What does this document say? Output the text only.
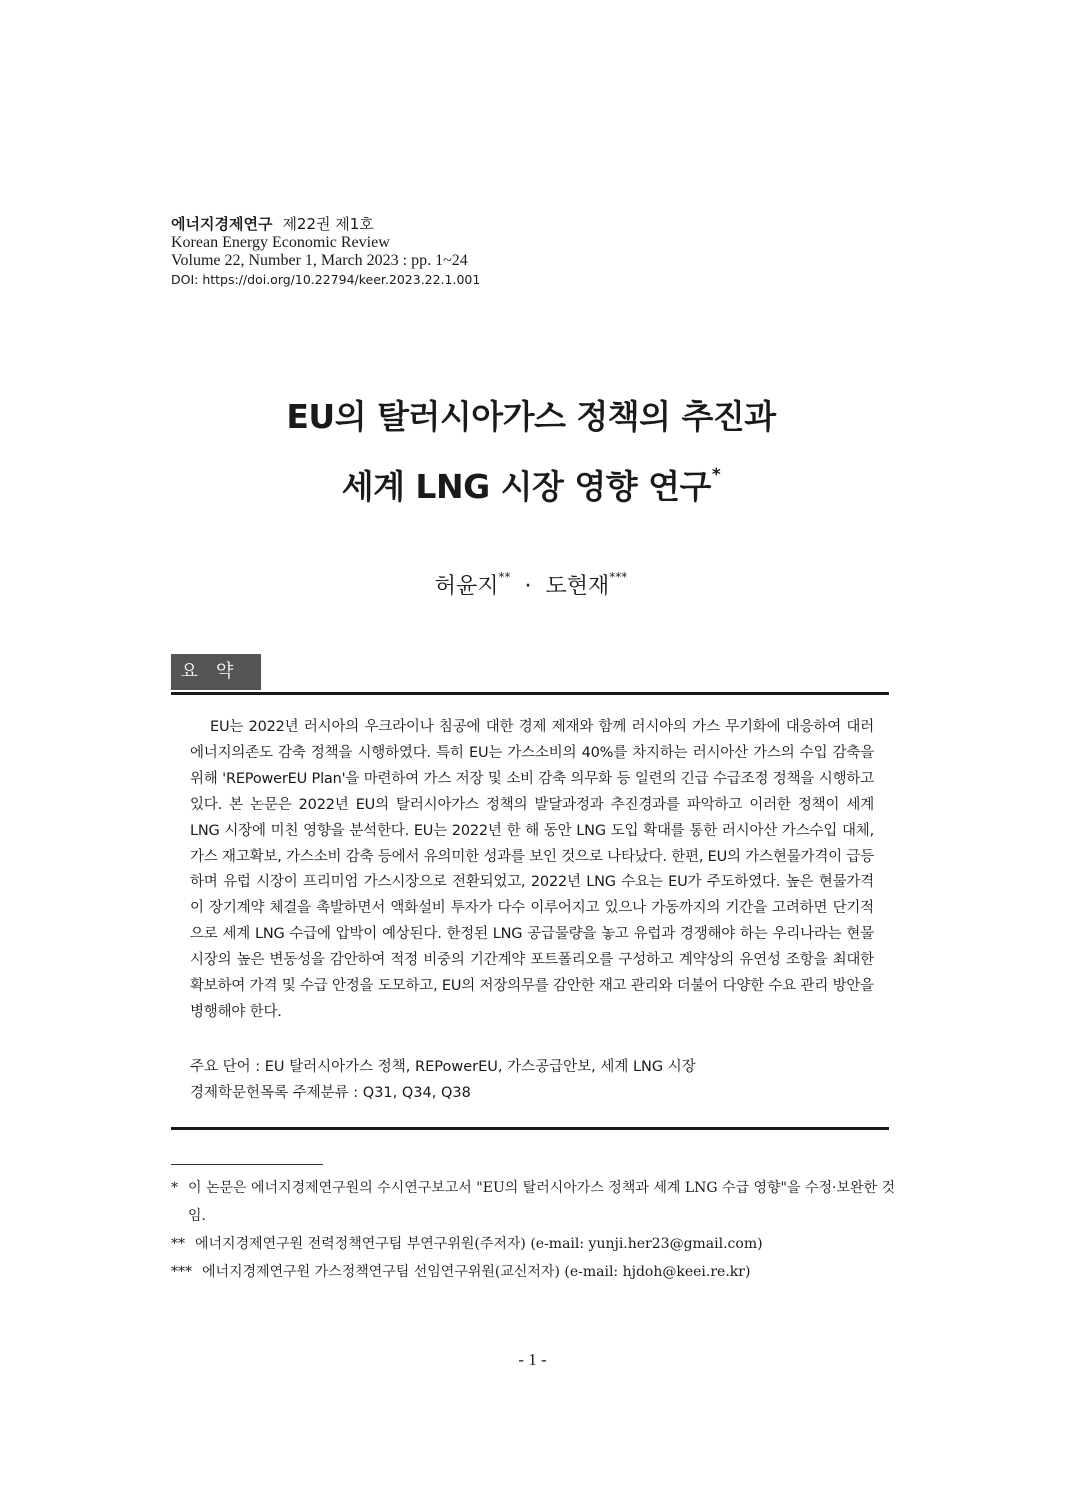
에너지경제연구 제22권 제1호
Korean Energy Economic Review
Volume 22, Number 1, March 2023 : pp. 1~24
DOI: https://doi.org/10.22794/keer.2023.22.1.001
EU의 탈러시아가스 정책의 추진과
세계 LNG 시장 영향 연구*
허윤지** · 도현재***
요약

EU는 2022년 러시아의 우크라이나 침공에 대한 경제 제재와 함께 러시아의 가스 무기화에 대응하여 대러 에너지의존도 감축 정책을 시행하였다. 특히 EU는 가스소비의 40%를 차지하는 러시아산 가스의 수입 감축을 위해 'REPowerEU Plan'을 마련하여 가스 저장 및 소비 감축 의무화 등 일련의 긴급 수급조정 정책을 시행하고 있다. 본 논문은 2022년 EU의 탈러시아가스 정책의 발달과정과 추진경과를 파악하고 이러한 정책이 세계 LNG 시장에 미친 영향을 분석한다. EU는 2022년 한 해 동안 LNG 도입 확대를 통한 러시아산 가스수입 대체, 가스 재고확보, 가스소비 감축 등에서 유의미한 성과를 보인 것으로 나타났다. 한편, EU의 가스현물가격이 급등하며 유럽 시장이 프리미엄 가스시장으로 전환되었고, 2022년 LNG 수요는 EU가 주도하였다. 높은 현물가격이 장기계약 체결을 촉발하면서 액화설비 투자가 다수 이루어지고 있으나 가동까지의 기간을 고려하면 단기적으로 세계 LNG 수급에 압박이 예상된다. 한정된 LNG 공급물량을 놓고 유럽과 경쟁해야 하는 우리나라는 현물시장의 높은 변동성을 감안하여 적정 비중의 기간계약 포트폴리오를 구성하고 계약상의 유연성 조항을 최대한 확보하여 가격 및 수급 안정을 도모하고, EU의 저장의무를 감안한 재고 관리와 더불어 다양한 수요 관리 방안을 병행해야 한다.

주요 단어 : EU 탈러시아가스 정책, REPowerEU, 가스공급안보, 세계 LNG 시장
경제학문헌목록 주제분류 : Q31, Q34, Q38
* 이 논문은 에너지경제연구원의 수시연구보고서 "EU의 탈러시아가스 정책과 세계 LNG 수급 영향"을 수정·보완한 것임.
** 에너지경제연구원 전력정책연구팀 부연구위원(주저자) (e-mail: yunji.her23@gmail.com)
*** 에너지경제연구원 가스정책연구팀 선임연구위원(교신저자) (e-mail: hjdoh@keei.re.kr)
- 1 -
